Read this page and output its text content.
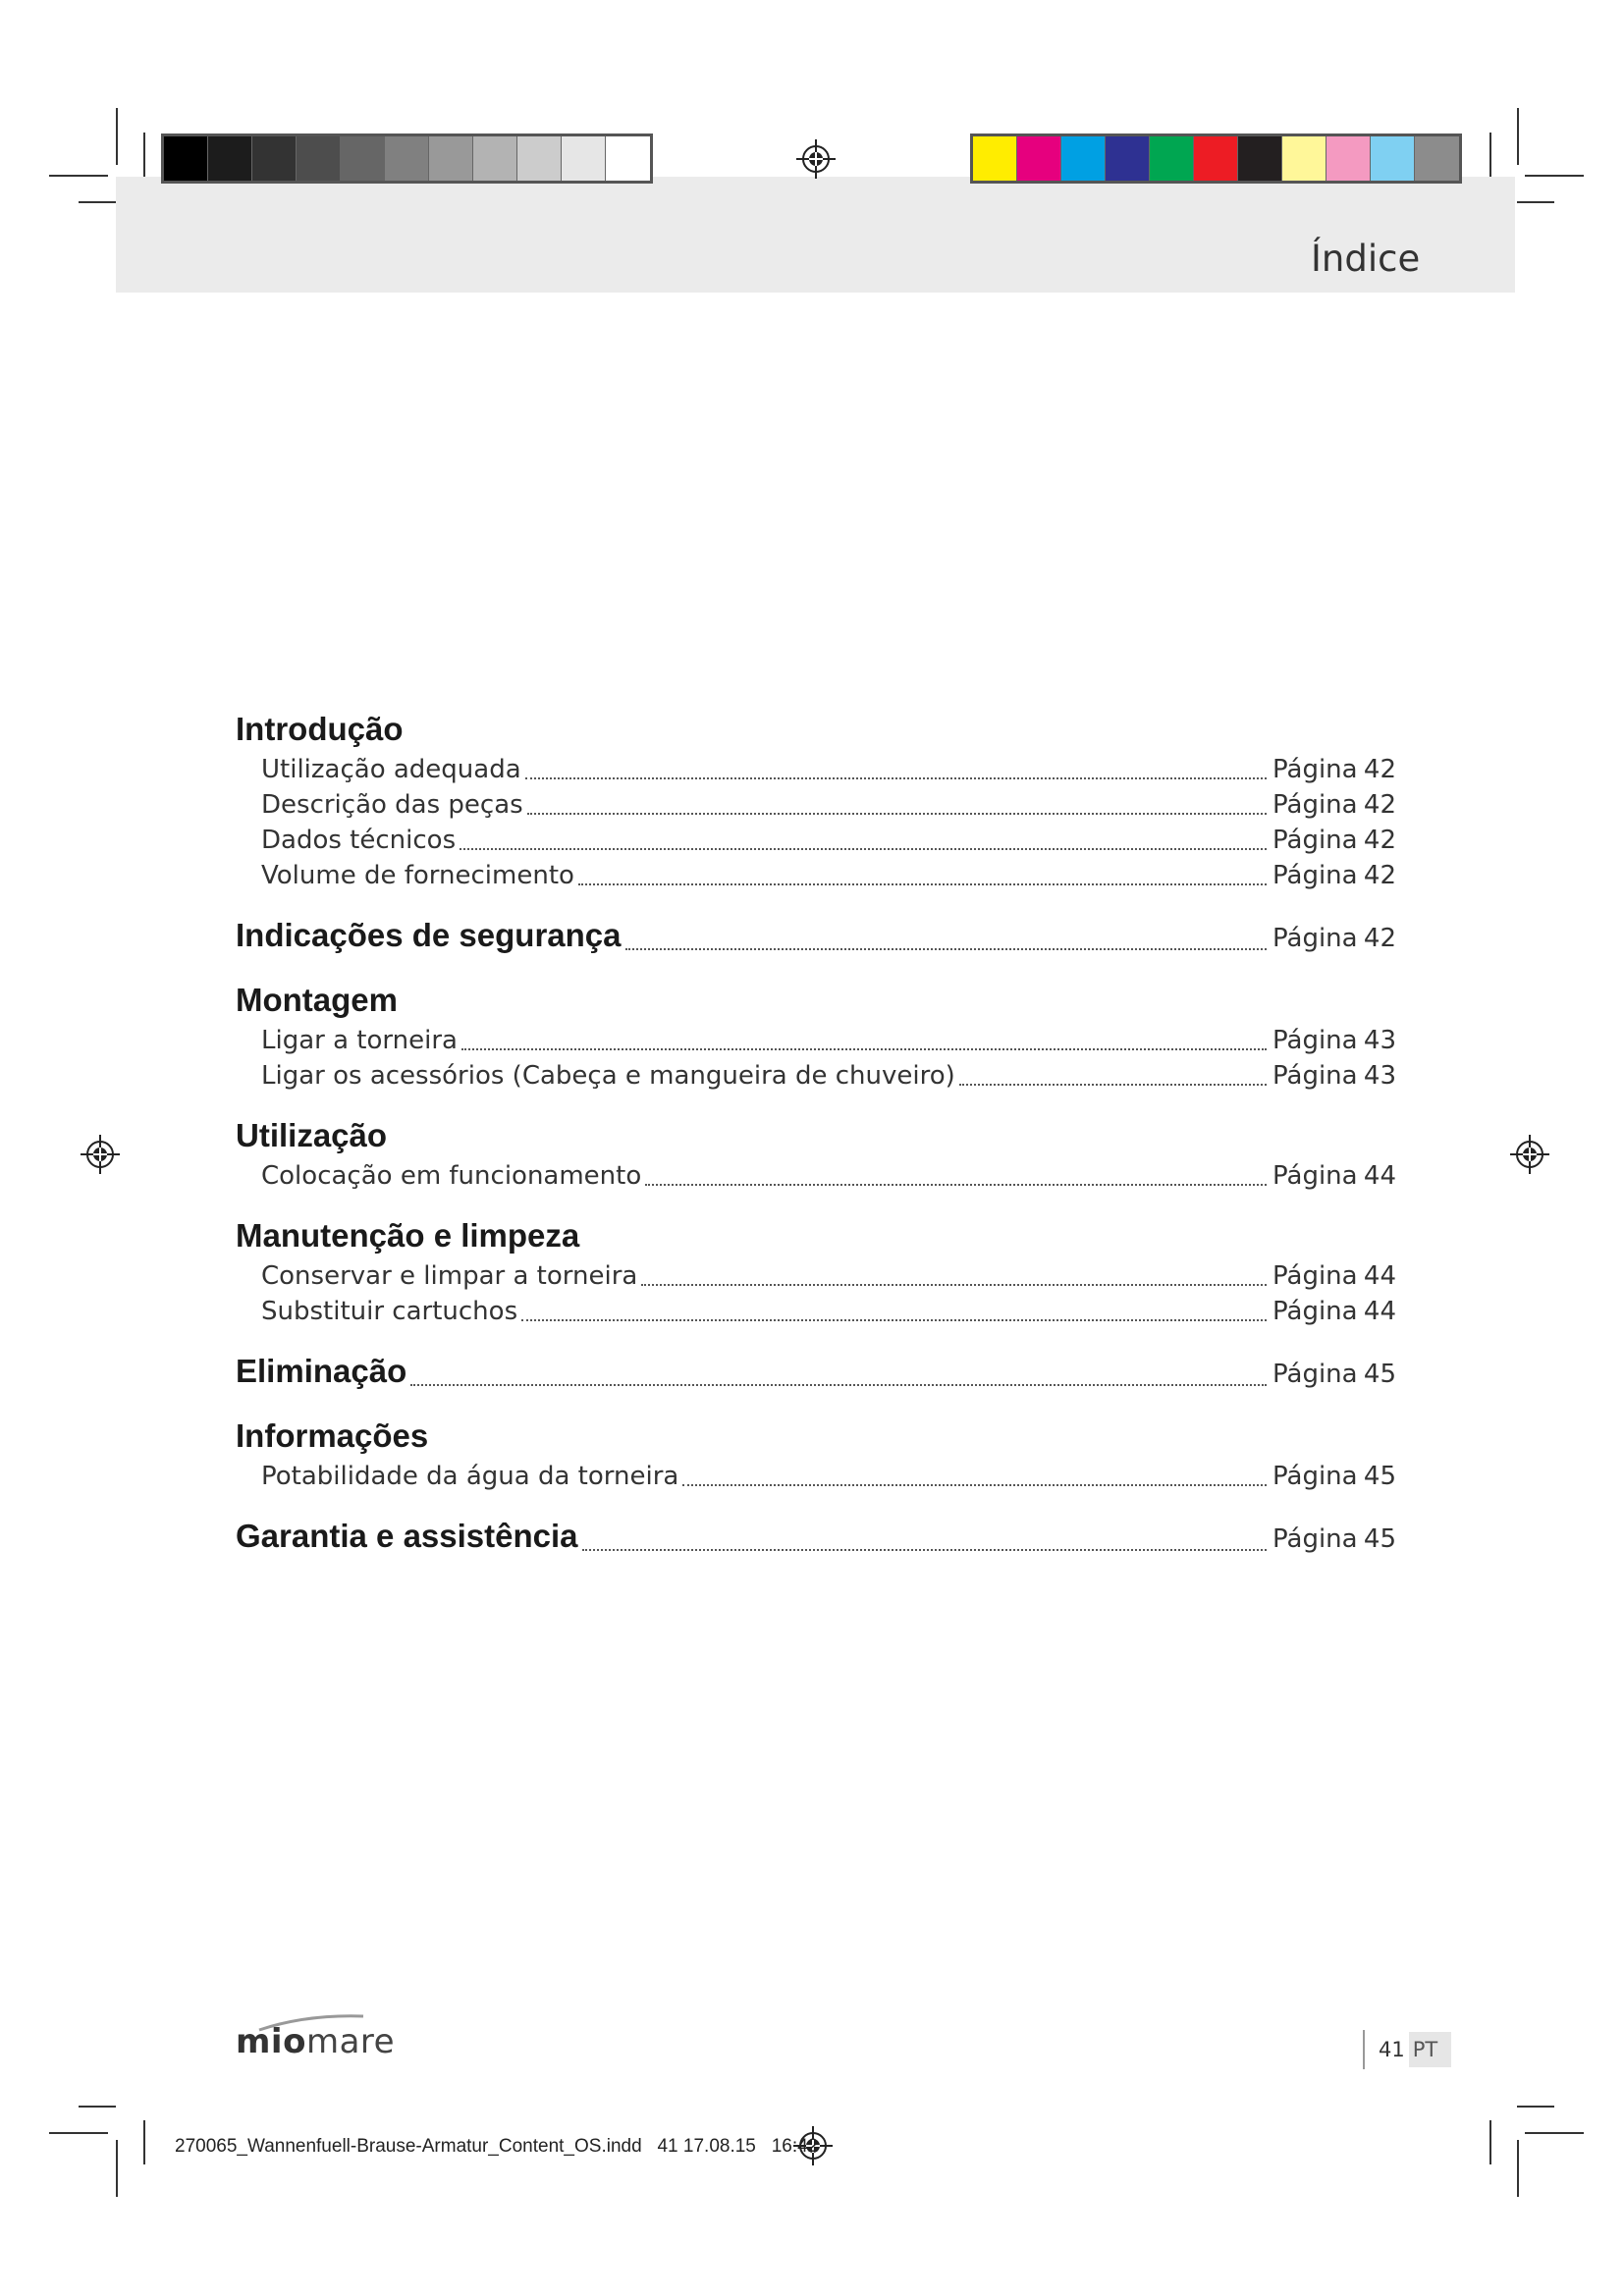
Índice
Introdução
Utilização adequada	Página 42
Descrição das peças	Página 42
Dados técnicos	Página 42
Volume de fornecimento	Página 42
Indicações de segurança	Página 42
Montagem
Ligar a torneira	Página 43
Ligar os acessórios (Cabeça e mangueira de chuveiro)	Página 43
Utilização
Colocação em funcionamento	Página 44
Manutenção e limpeza
Conservar e limpar a torneira	Página 44
Substituir cartuchos	Página 44
Eliminação	Página 45
Informações
Potabilidade da água da torneira	Página 45
Garantia e assistência	Página 45
miomare	41 PT
270065_Wannenfuell-Brause-Armatur_Content_OS.indd   41 17.08.15   16:42
